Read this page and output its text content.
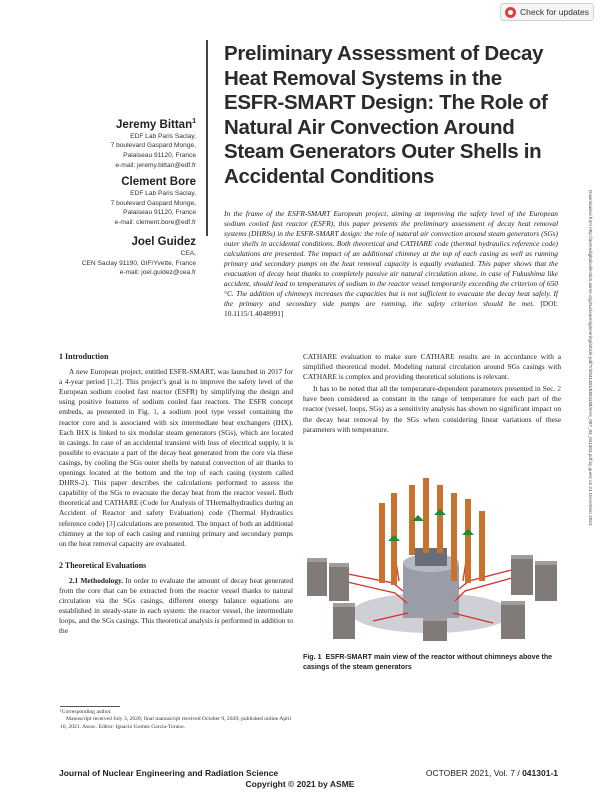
Check for updates
Preliminary Assessment of Decay Heat Removal Systems in the ESFR-SMART Design: The Role of Natural Air Convection Around Steam Generators Outer Shells in Accidental Conditions
Jeremy Bittan$^1$
EDF Lab Paris Saclay,
7 boulevard Gaspard Monge,
Palaiseau 91120, France
e-mail: jeremy.bittan@edf.fr
Clement Bore
EDF Lab Paris Saclay,
7 boulevard Gaspard Monge,
Palaiseau 91120, France
e-mail: clement.bore@edf.fr
Joel Guidez
CEA,
CEN Saclay 91190, GIF/Yvette, France
e-mail: joel.guidez@cea.fr
In the frame of the ESFR-SMART European project, aiming at improving the safety level of the European sodium cooled fast reactor (ESFR), this paper presents the preliminary assessment of decay heat removal systems (DHRSs) in the ESFR-SMART design: the role of natural air convection around steam generators (SGs) outer shells in accidental conditions. Both theoretical and CATHARE code (thermal hydraulics reference code) calculations are presented. The impact of an additional chimney at the top of each casing as well as running primary and secondary pumps on the heat removal capacity is equally evaluated. This paper shows that the evacuation of decay heat thanks to completely passive air natural circulation alone, in case of Fukushima like accident, should lead to temperatures of sodium in the reactor vessel temporarily exceeding the criterion of 650 °C. The addition of chimneys increases the capacities but is not sufficient to evacuate the decay heat safely. If the primary and secondary side pumps are running, the safety criterion should be met. [DOI: 10.1115/1.4048991]	Downloaded from http://asmedigitalcollection.asme.org/nuclearengineering/article-pdf/7/4/041301/6681168/ners_007_04_041301.pdf by guest on 21 December 2021
1 Introduction

A new European project, entitled ESFR-SMART, was launched in 2017 for a 4-year period [1,2]. This project’s goal is to improve the safety level of the European sodium cooled fast reactor (ESFR) by simplifying the design and using positive features of sodium cooled fast reactors. The ESFR concept embeds, as presented in Fig. 1, a sodium pool type vessel containing the reactor core and is associated with six intermediate heat exchangers (IHX). Each IHX is linked to six modular steam generators (SGs), which are located in casings. In case of an accidental transient with loss of electrical supply, it is possible to evacuate a part of the decay heat generated from the core via these casings, by cooling the SGs outer shells by natural convection of air thanks to openings located at the bottom and the top of each casing (system called DHRS-2). This paper describes the calculations performed to assess the capability of the SGs to evacuate the decay heat from the reactor vessel. Both theoretical and CATHARE (Code for Analysis of THermalhydraulics during an Accident of Reactor and safety Evaluation) code (Thermal Hydraulics reference code) [3] calculations are presented. The impact of both an additional chimney at the top of each casing and running primary and secondary pumps on the heat removal capacity are evaluated.

2 Theoretical Evaluations

2.1 Methodology. In order to evaluate the amount of decay heat generated from the core that can be extracted from the reactor vessel thanks to natural circulation via the SGs casings, different energy balance equations are established in steady-state in each system: the reactor vessel, the intermediate loops, and the SGs casings. This theoretical analysis is performed in addition to the

CATHARE evaluation to make sure CATHARE results are in accordance with a simplified theoretical model. Modeling natural circulation around SGs casings with CATHARE is complex and providing theoretical solutions is relevant.

It has to be noted that all the temperature-dependent parameters presented in Sec. 2 have been considered as constant in the range of temperature for each part of the reactor (vessel, loops, SGs) as a sensitivity analysis has shown no significant impact on the decay heat removal by the SGs when considering linear variations of these parameters with temperature.

Fig. 1 ESFR-SMART main view of the reactor without chimneys above the casings of the steam generators
¹Corresponding author.
Manuscript received July 3, 2020; final manuscript received October 9, 2020; published online April 16, 2021. Assoc. Editor: Ignacio Gomez Garcia-Torano.
Journal of Nuclear Engineering and Radiation Science	OCTOBER 2021, Vol. 7 / 041301-1
Copyright © 2021 by ASME
